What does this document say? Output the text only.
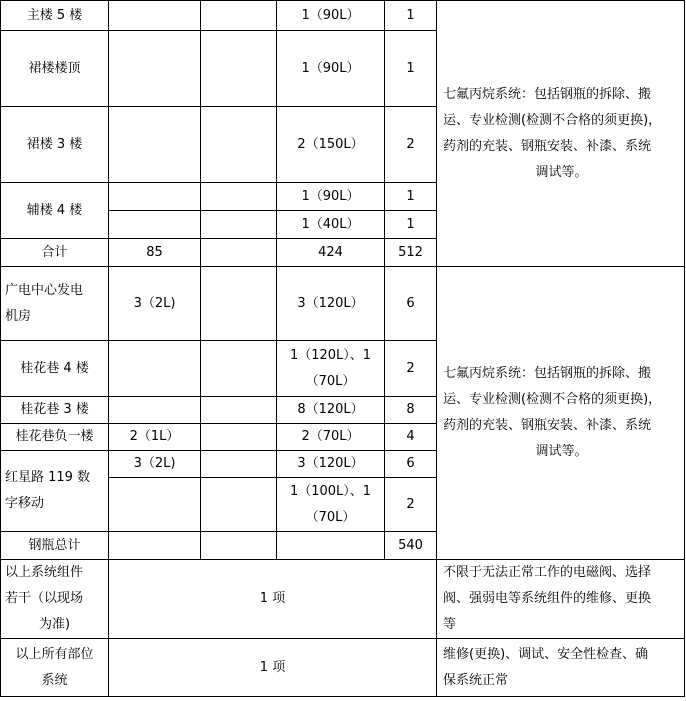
主楼 5 楼			1（90L）	1	七氟丙烷系统：包括钢瓶的拆除、搬
运、专业检测(检测不合格的须更换)，
药剂的充装、钢瓶安装、补漆、系统
调试等。

裙楼楼顶			1（90L）	1	
裙楼 3 楼			2（150L）	2	
辅楼 4 楼			1（90L）	1	
			1（40L）	1	
合计	85		424	512	

广电中心发电
机房	3（2L)		3（120L）	6	七氟丙烷系统：包括钢瓶的拆除、搬
运、专业检测(检测不合格的须更换)，
药剂的充装、钢瓶安装、补漆、系统
调试等。

桂花巷 4 楼			1（120L）、1
（70L）	2	
桂花巷 3 楼			8（120L）	8	
桂花巷负一楼	2（1L）		2（70L）	4	

红星路 119 数
字移动	3（2L)		3（120L）	6	

			1（100L）、1
（70L）	2	
钢瓶总计				540	

以上系统组件
若干（以现场
为准)	1 项				不限于无法正常工作的电磁阀、选择
阀、强弱电等系统组件的维修、更换
等

以上所有部位
系统	1 项				维修(更换)、调试、安全性检查、确
保系统正常
